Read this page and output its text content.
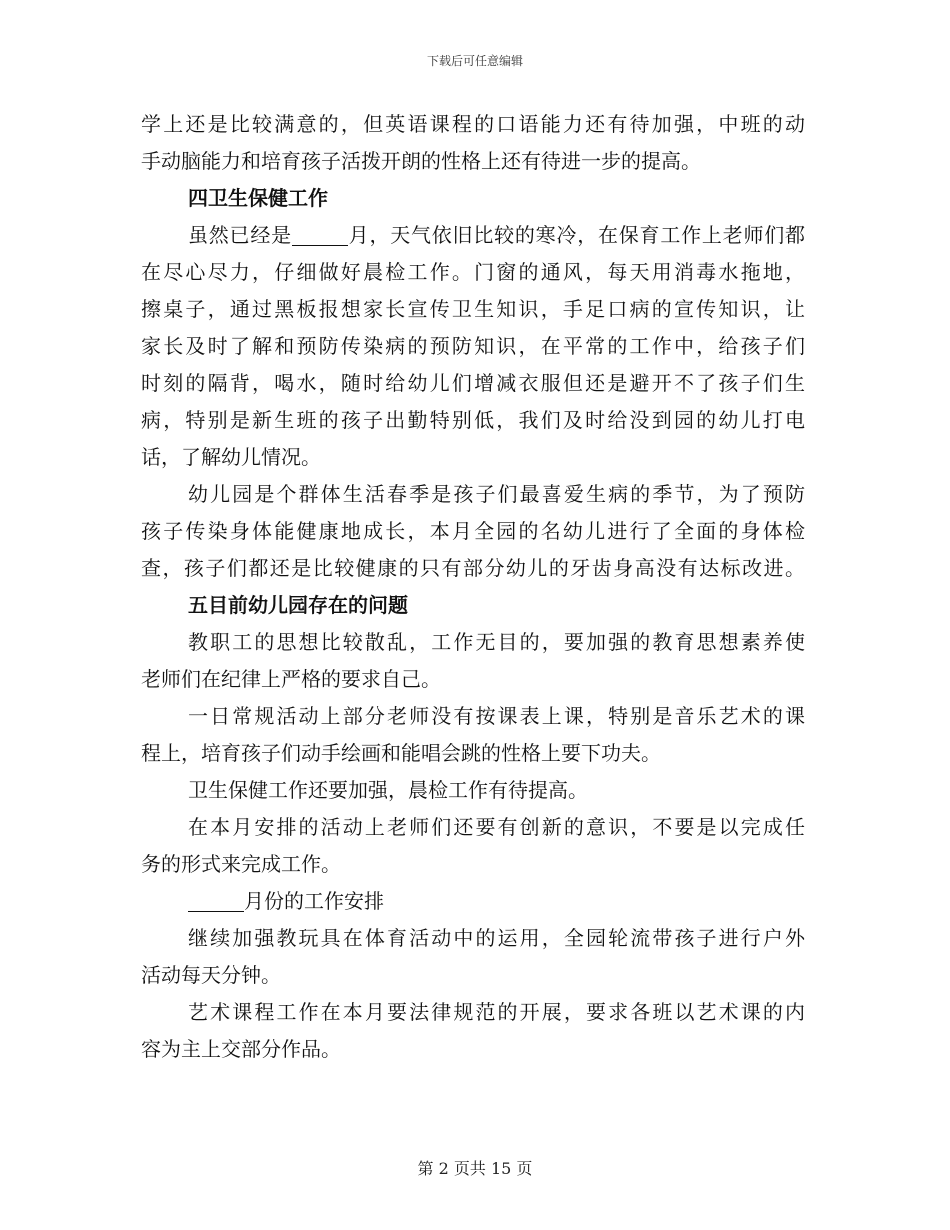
下载后可任意编辑
学上还是比较满意的，但英语课程的口语能力还有待加强，中班的动
手动脑能力和培育孩子活拨开朗的性格上还有待进一步的提高。
四卫生保健工作
虽然已经是	月，天气依旧比较的寒冷，在保育工作上老师们都
在尽心尽力，仔细做好晨检工作。门窗的通风，每天用消毒水拖地，
擦桌子，通过黑板报想家长宣传卫生知识，手足口病的宣传知识，让
家长及时了解和预防传染病的预防知识，在平常的工作中，给孩子们
时刻的隔背，喝水，随时给幼儿们增减衣服但还是避开不了孩子们生
病，特别是新生班的孩子出勤特别低，我们及时给没到园的幼儿打电
话，了解幼儿情况。
幼儿园是个群体生活春季是孩子们最喜爱生病的季节，为了预防
孩子传染身体能健康地成长，本月全园的名幼儿进行了全面的身体检
查，孩子们都还是比较健康的只有部分幼儿的牙齿身高没有达标改进。
五目前幼儿园存在的问题
教职工的思想比较散乱，工作无目的，要加强的教育思想素养使
老师们在纪律上严格的要求自己。
一日常规活动上部分老师没有按课表上课，特别是音乐艺术的课
程上，培育孩子们动手绘画和能唱会跳的性格上要下功夫。
卫生保健工作还要加强，晨检工作有待提高。
在本月安排的活动上老师们还要有创新的意识，不要是以完成任
务的形式来完成工作。
月份的工作安排
继续加强教玩具在体育活动中的运用，全园轮流带孩子进行户外
活动每天分钟。
艺术课程工作在本月要法律规范的开展，要求各班以艺术课的内
容为主上交部分作品。
第 2 页共 15 页
